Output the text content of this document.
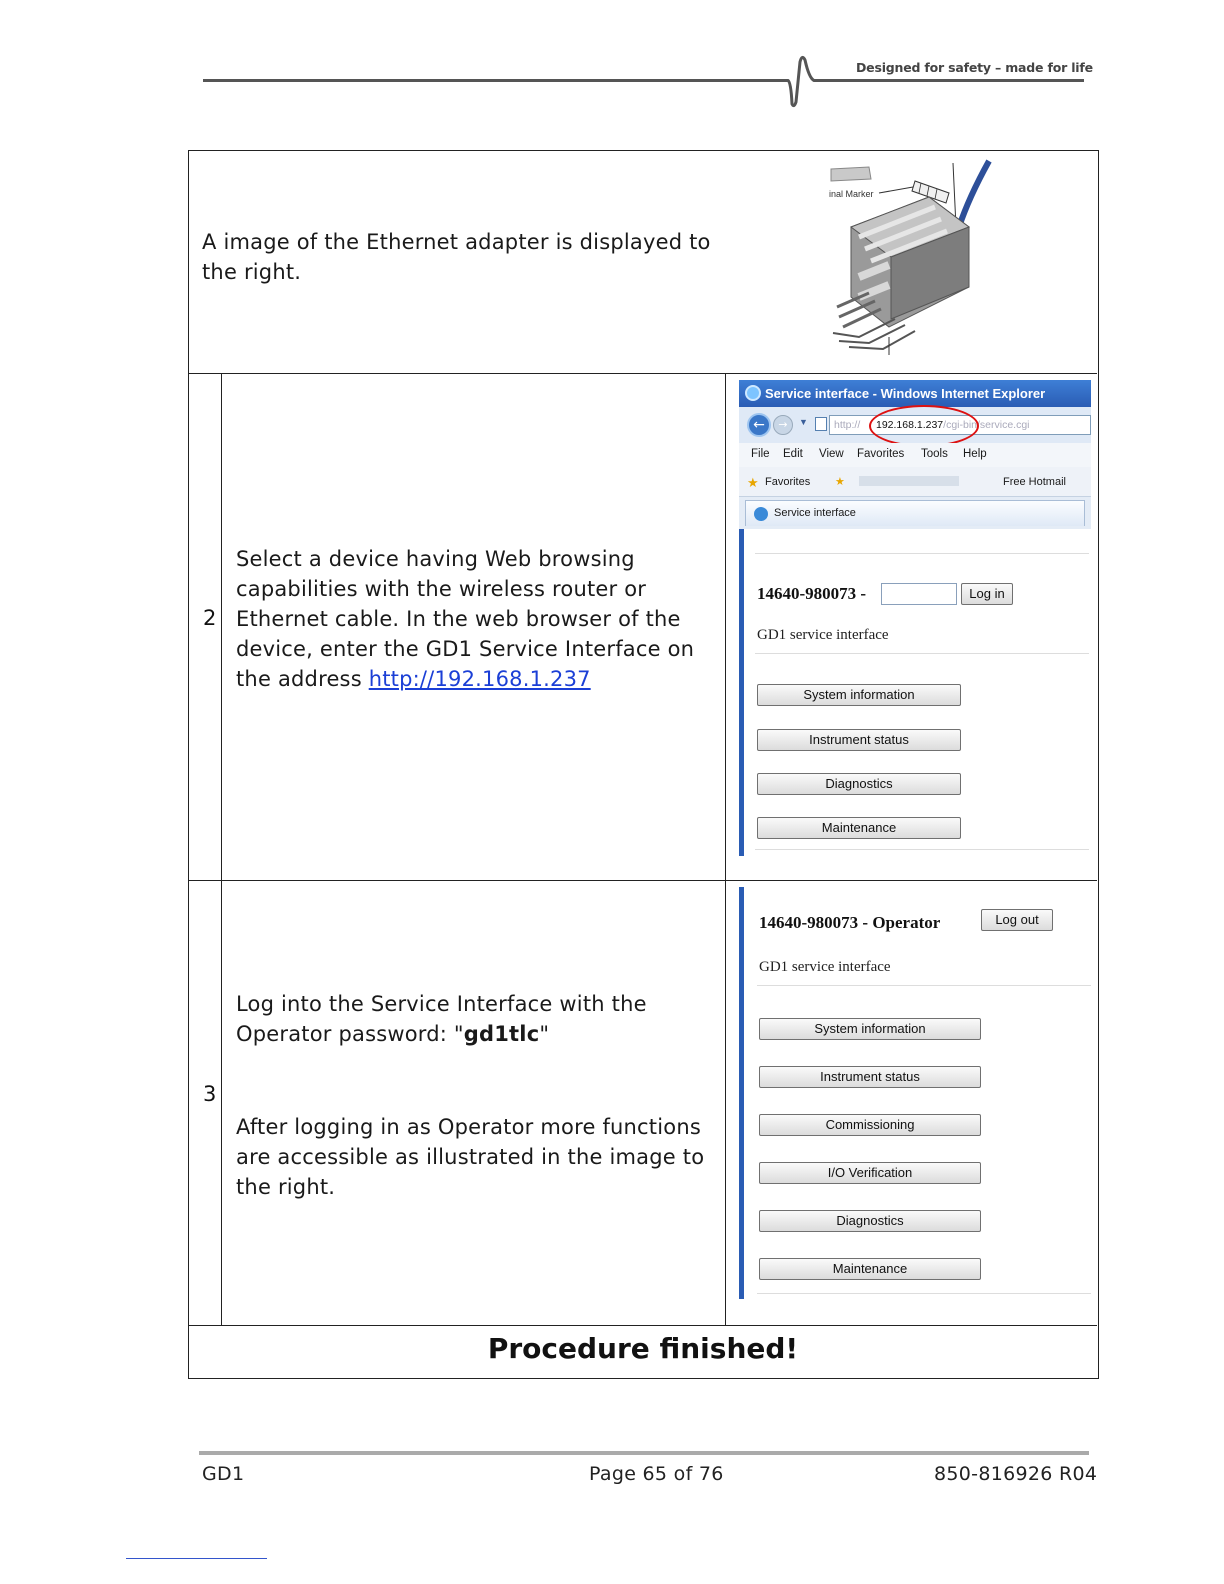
Designed for safety – made for life
A image of the Ethernet adapter is displayed to the right.
inal Marker
2
Select a device having Web browsing capabilities with the wireless router or Ethernet cable. In the web browser of the device, enter the GD1 Service Interface on the address http://192.168.1.237
Service interface - Windows Internet Explorer
←	→	▼ http:// 192.168.1.237/cgi-bin/service.cgi
File Edit View Favorites Tools Help
★ Favorites ★	Free Hotmail
Service interface
14640-980073 -	Log in
GD1 service interface
System information
Instrument status
Diagnostics
Maintenance
3
Log into the Service Interface with the Operator password: "gd1tlc"
After logging in as Operator more functions are accessible as illustrated in the image to the right.
14640-980073 - Operator	Log out
GD1 service interface
System information
Instrument status
Commissioning
I/O Verification
Diagnostics
Maintenance
Procedure finished!
GD1	Page 65 of 76	850-816926 R04
